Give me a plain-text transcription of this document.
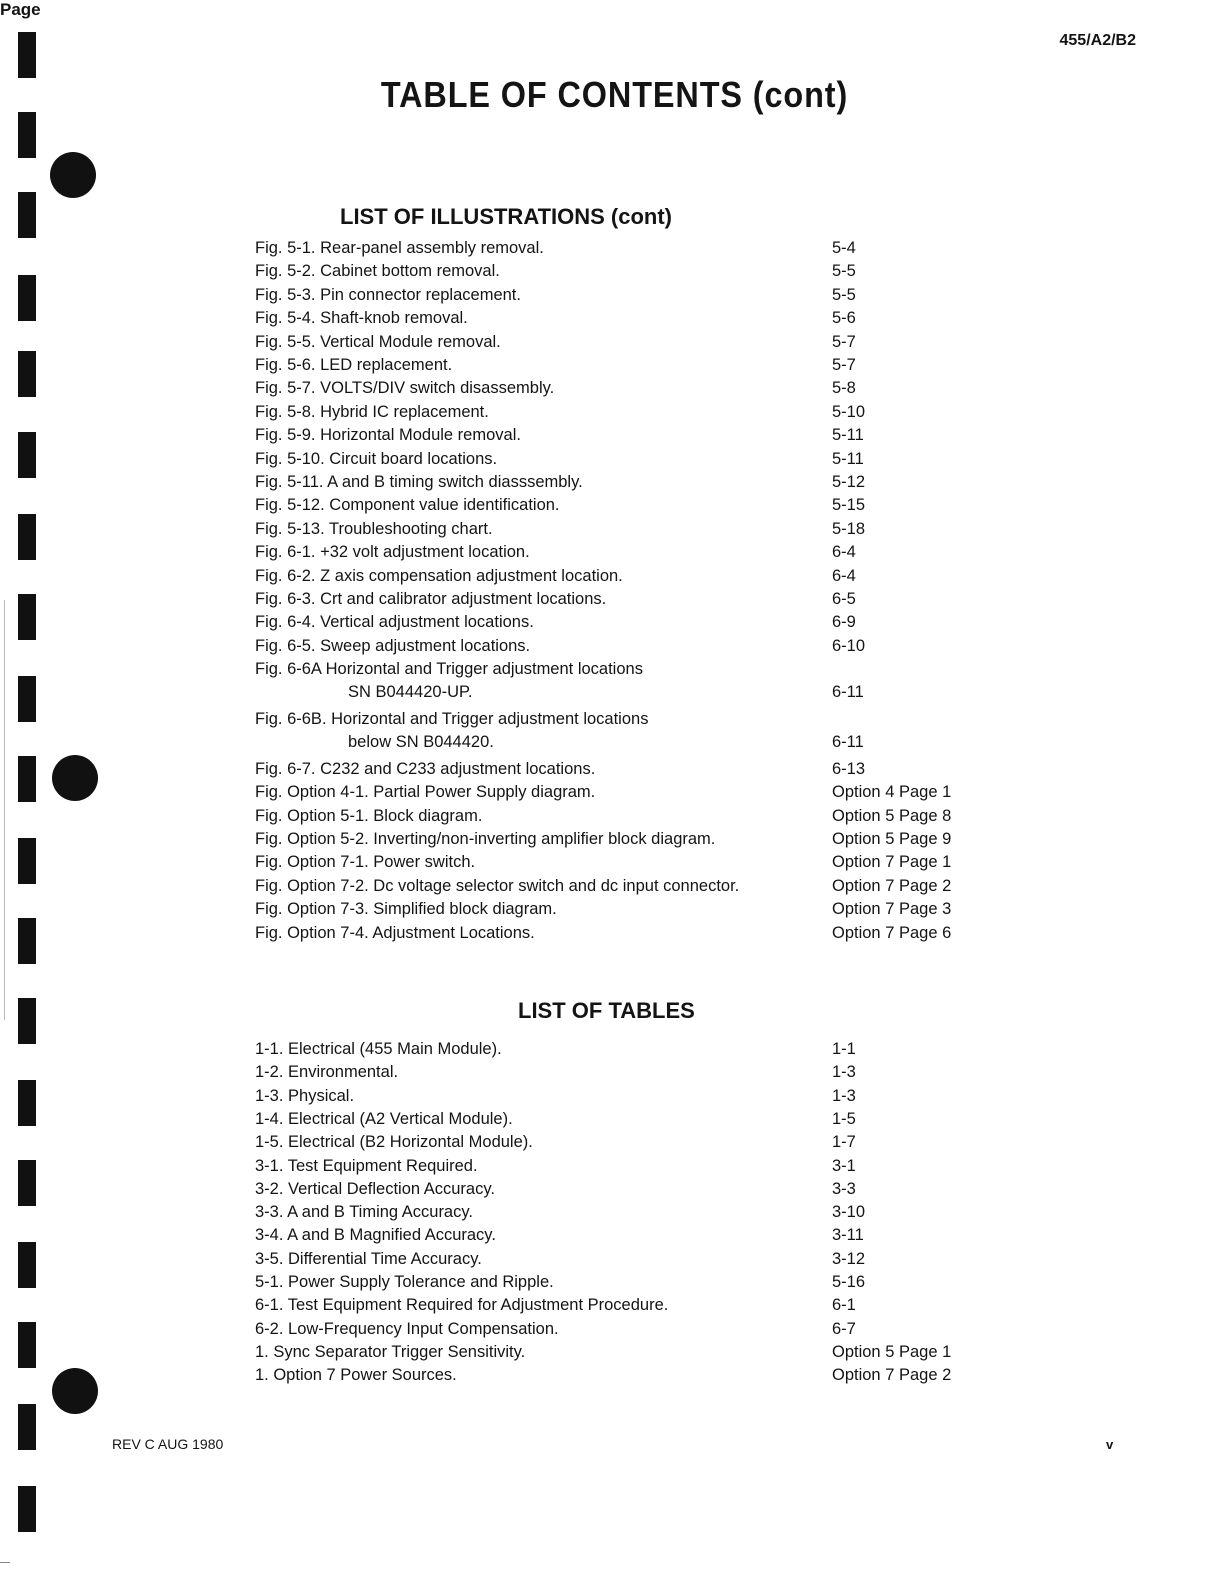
455/A2/B2
TABLE OF CONTENTS (cont)
LIST OF ILLUSTRATIONS (cont)
Page
Fig. 5-1. Rear-panel assembly removal.	5-4
Fig. 5-2. Cabinet bottom removal.	5-5
Fig. 5-3. Pin connector replacement.	5-5
Fig. 5-4. Shaft-knob removal.	5-6
Fig. 5-5. Vertical Module removal.	5-7
Fig. 5-6. LED replacement.	5-7
Fig. 5-7. VOLTS/DIV switch disassembly.	5-8
Fig. 5-8. Hybrid IC replacement.	5-10
Fig. 5-9. Horizontal Module removal.	5-11
Fig. 5-10. Circuit board locations.	5-11
Fig. 5-11. A and B timing switch diasssembly.	5-12
Fig. 5-12. Component value identification.	5-15
Fig. 5-13. Troubleshooting chart.	5-18
Fig. 6-1. +32 volt adjustment location.	6-4
Fig. 6-2. Z axis compensation adjustment location.	6-4
Fig. 6-3. Crt and calibrator adjustment locations.	6-5
Fig. 6-4. Vertical adjustment locations.	6-9
Fig. 6-5. Sweep adjustment locations.	6-10
Fig. 6-6A Horizontal and Trigger adjustment locations
SN B044420-UP.	6-11
Fig. 6-6B. Horizontal and Trigger adjustment locations
below SN B044420.	6-11
Fig. 6-7. C232 and C233 adjustment locations.	6-13
Fig. Option 4-1. Partial Power Supply diagram.	Option 4 Page 1
Fig. Option 5-1. Block diagram.	Option 5 Page 8
Fig. Option 5-2. Inverting/non-inverting amplifier block diagram.	Option 5 Page 9
Fig. Option 7-1. Power switch.	Option 7 Page 1
Fig. Option 7-2. Dc voltage selector switch and dc input connector.	Option 7 Page 2
Fig. Option 7-3. Simplified block diagram.	Option 7 Page 3
Fig. Option 7-4. Adjustment Locations.	Option 7 Page 6
LIST OF TABLES
1-1. Electrical (455 Main Module).	1-1
1-2. Environmental.	1-3
1-3. Physical.	1-3
1-4. Electrical (A2 Vertical Module).	1-5
1-5. Electrical (B2 Horizontal Module).	1-7
3-1. Test Equipment Required.	3-1
3-2. Vertical Deflection Accuracy.	3-3
3-3. A and B Timing Accuracy.	3-10
3-4. A and B Magnified Accuracy.	3-11
3-5. Differential Time Accuracy.	3-12
5-1. Power Supply Tolerance and Ripple.	5-16
6-1. Test Equipment Required for Adjustment Procedure.	6-1
6-2. Low-Frequency Input Compensation.	6-7
1. Sync Separator Trigger Sensitivity.	Option 5 Page 1
1. Option 7 Power Sources.	Option 7 Page 2
REV C AUG 1980	v
